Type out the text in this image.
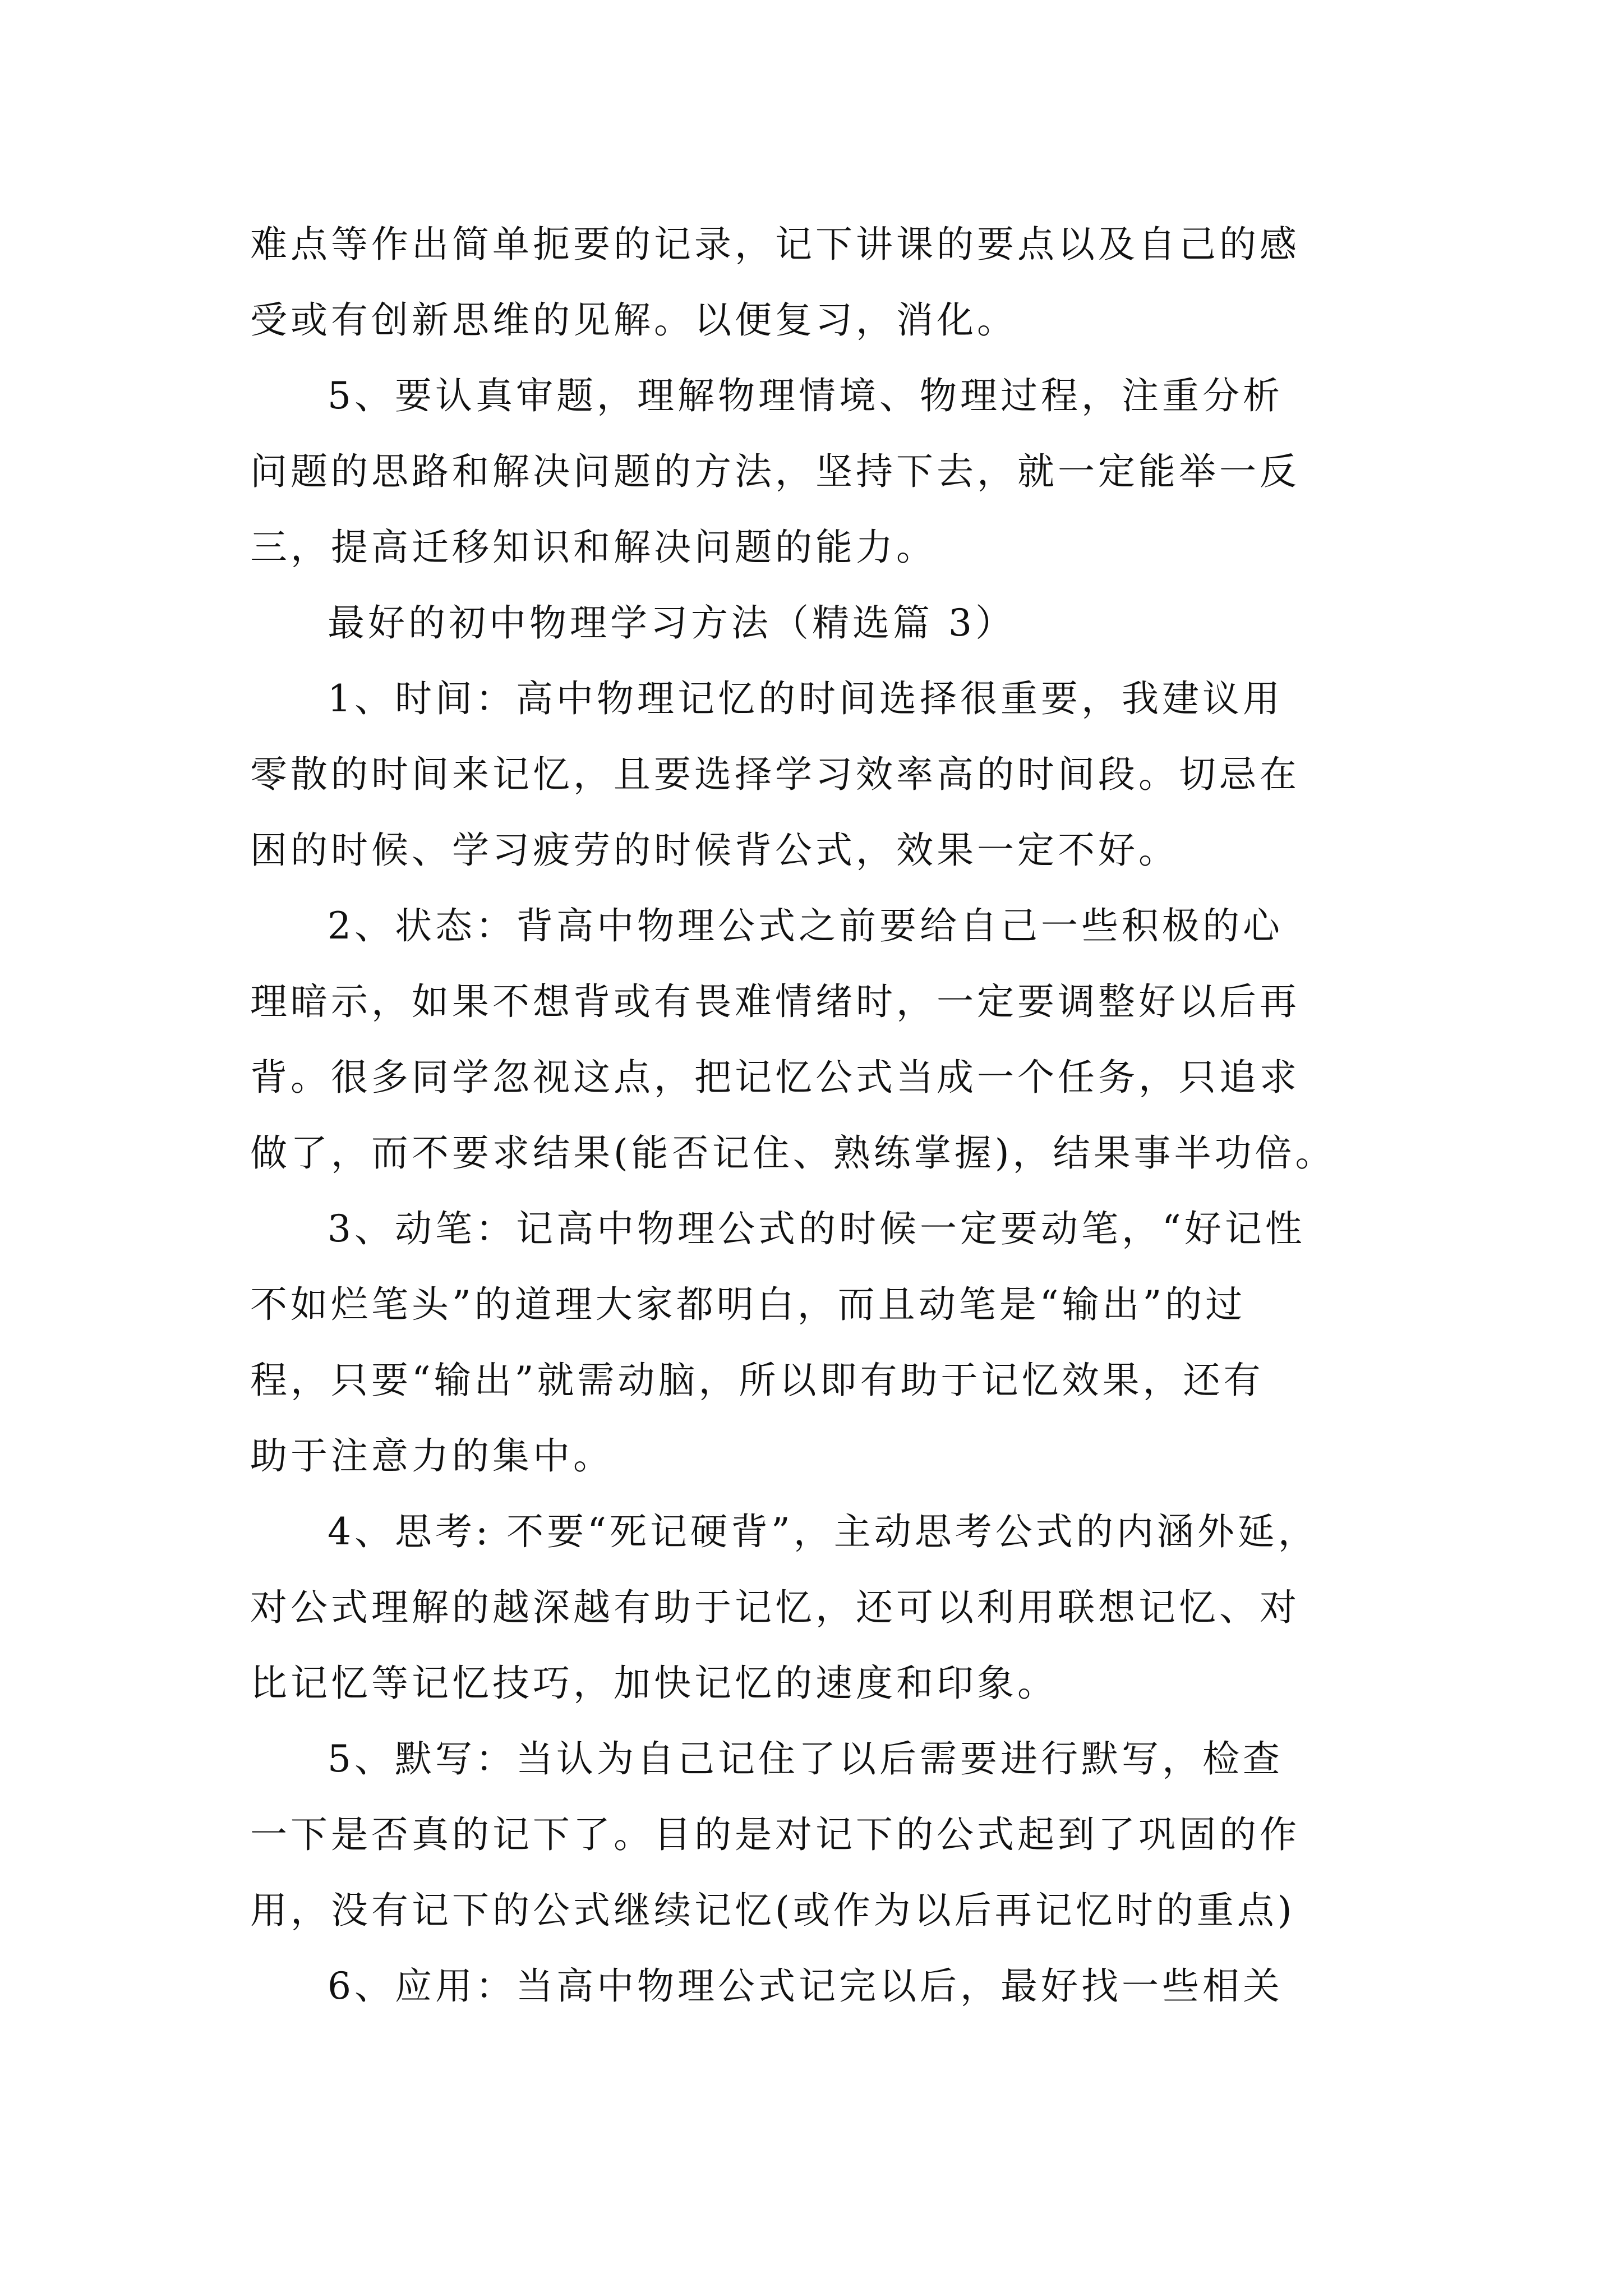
难点等作出简单扼要的记录，记下讲课的要点以及自己的感
受或有创新思维的见解。以便复习，消化。
5、要认真审题，理解物理情境、物理过程，注重分析
问题的思路和解决问题的方法，坚持下去，就一定能举一反
三，提高迁移知识和解决问题的能力。
最好的初中物理学习方法（精选篇 3）
1、时间：高中物理记忆的时间选择很重要，我建议用
零散的时间来记忆，且要选择学习效率高的时间段。切忌在
困的时候、学习疲劳的时候背公式，效果一定不好。
2、状态：背高中物理公式之前要给自己一些积极的心
理暗示，如果不想背或有畏难情绪时，一定要调整好以后再
背。很多同学忽视这点，把记忆公式当成一个任务，只追求
做了，而不要求结果(能否记住、熟练掌握)，结果事半功倍。
3、动笔：记高中物理公式的时候一定要动笔，“好记性
不如烂笔头”的道理大家都明白，而且动笔是“输出”的过
程，只要“输出”就需动脑，所以即有助于记忆效果，还有
助于注意力的集中。
4、思考: 不要“死记硬背”，主动思考公式的内涵外延，
对公式理解的越深越有助于记忆，还可以利用联想记忆、对
比记忆等记忆技巧，加快记忆的速度和印象。
5、默写：当认为自己记住了以后需要进行默写，检查
一下是否真的记下了。目的是对记下的公式起到了巩固的作
用，没有记下的公式继续记忆(或作为以后再记忆时的重点)
6、应用：当高中物理公式记完以后，最好找一些相关
